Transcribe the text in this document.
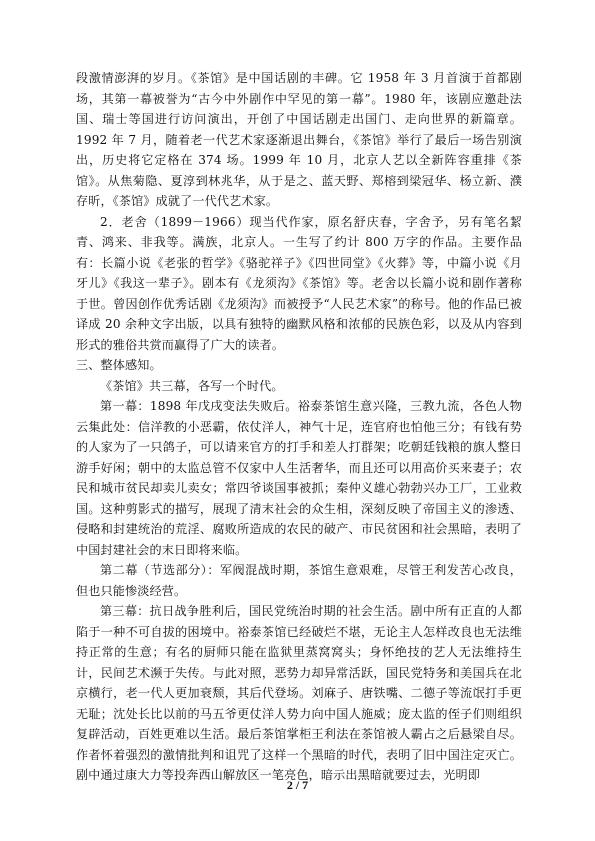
段激情澎湃的岁月。《茶馆》是中国话剧的丰碑。它 1958 年 3 月首演于首都剧场，其第一幕被誉为“古今中外剧作中罕见的第一幕”。1980 年，该剧应邀赴法国、瑞士等国进行访问演出，开创了中国话剧走出国门、走向世界的新篇章。1992 年 7 月，随着老一代艺术家逐渐退出舞台，《茶馆》举行了最后一场告别演出，历史将它定格在 374 场。1999 年 10 月，北京人艺以全新阵容重排《茶馆》。从焦菊隐、夏淳到林兆华，从于是之、蓝天野、郑榕到梁冠华、杨立新、濮存昕，《茶馆》成就了一代代艺术家。

2．老舍（1899－1966）现当代作家，原名舒庆春，字舍予，另有笔名絜青、鸿来、非我等。满族，北京人。一生写了约计 800 万字的作品。主要作品有：长篇小说《老张的哲学》《骆驼祥子》《四世同堂》《火葬》等，中篇小说《月牙儿》《我这一辈子》。剧本有《龙须沟》《茶馆》等。老舍以长篇小说和剧作著称于世。曾因创作优秀话剧《龙须沟》而被授予“人民艺术家”的称号。他的作品已被译成 20 余种文字出版，以具有独特的幽默风格和浓郁的民族色彩，以及从内容到形式的雅俗共赏而赢得了广大的读者。

三、整体感知。

《茶馆》共三幕，各写一个时代。

第一幕：1898 年戊戌变法失败后。裕泰茶馆生意兴隆，三教九流，各色人物云集此处：信洋教的小恶霸，依仗洋人，神气十足，连官府也怕他三分；有钱有势的人家为了一只鸽子，可以请来官方的打手和差人打群架；吃朝廷钱粮的旗人整日游手好闲；朝中的太监总管不仅家中人生活奢华，而且还可以用高价买来妻子；农民和城市贫民却卖儿卖女；常四爷谈国事被抓；秦仲义雄心勃勃兴办工厂，工业救国。这种剪影式的描写，展现了清末社会的众生相，深刻反映了帝国主义的渗透、侵略和封建统治的荒淫、腐败所造成的农民的破产、市民贫困和社会黑暗，表明了中国封建社会的末日即将来临。

第二幕（节选部分）：军阀混战时期，茶馆生意艰难，尽管王利发苦心改良，但也只能惨淡经营。

第三幕：抗日战争胜利后，国民党统治时期的社会生活。剧中所有正直的人都陷于一种不可自拔的困境中。裕泰茶馆已经破烂不堪，无论主人怎样改良也无法维持正常的生意；有名的厨师只能在监狱里蒸窝窝头；身怀绝技的艺人无法维持生计，民间艺术濒于失传。与此对照，恶势力却异常活跃，国民党特务和美国兵在北京横行，老一代人更加衰颓，其后代登场。刘麻子、唐铁嘴、二德子等流氓打手更无耻；沈处长比以前的马五爷更仗洋人势力向中国人施威；庞太监的侄子们则组织复辟活动，百姓更难以生活。最后茶馆掌柜王利法在茶馆被人霸占之后悬梁自尽。作者怀着强烈的激情批判和诅咒了这样一个黑暗的时代，表明了旧中国注定灭亡。剧中通过康大力等投奔西山解放区一笔亮色，暗示出黑暗就要过去，光明即

2 / 7
